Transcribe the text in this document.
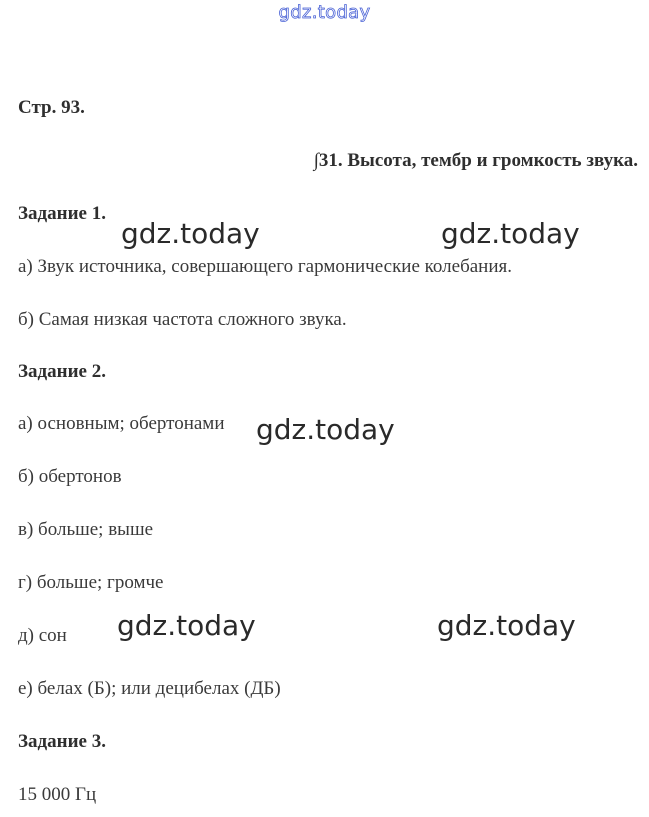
gdz.today
Стр. 93.
∫31. Высота, тембр и громкость звука.
Задание 1.
а) Звук источника, совершающего гармонические колебания.
б) Самая низкая частота сложного звука.
Задание 2.
а) основным; обертонами
б) обертонов
в) больше; выше
г) больше; громче
д) сон
е) белах (Б); или децибелах (ДБ)
Задание 3.
15 000 Гц
gdz.today	gdz.today
gdz.today
gdz.today	gdz.today
